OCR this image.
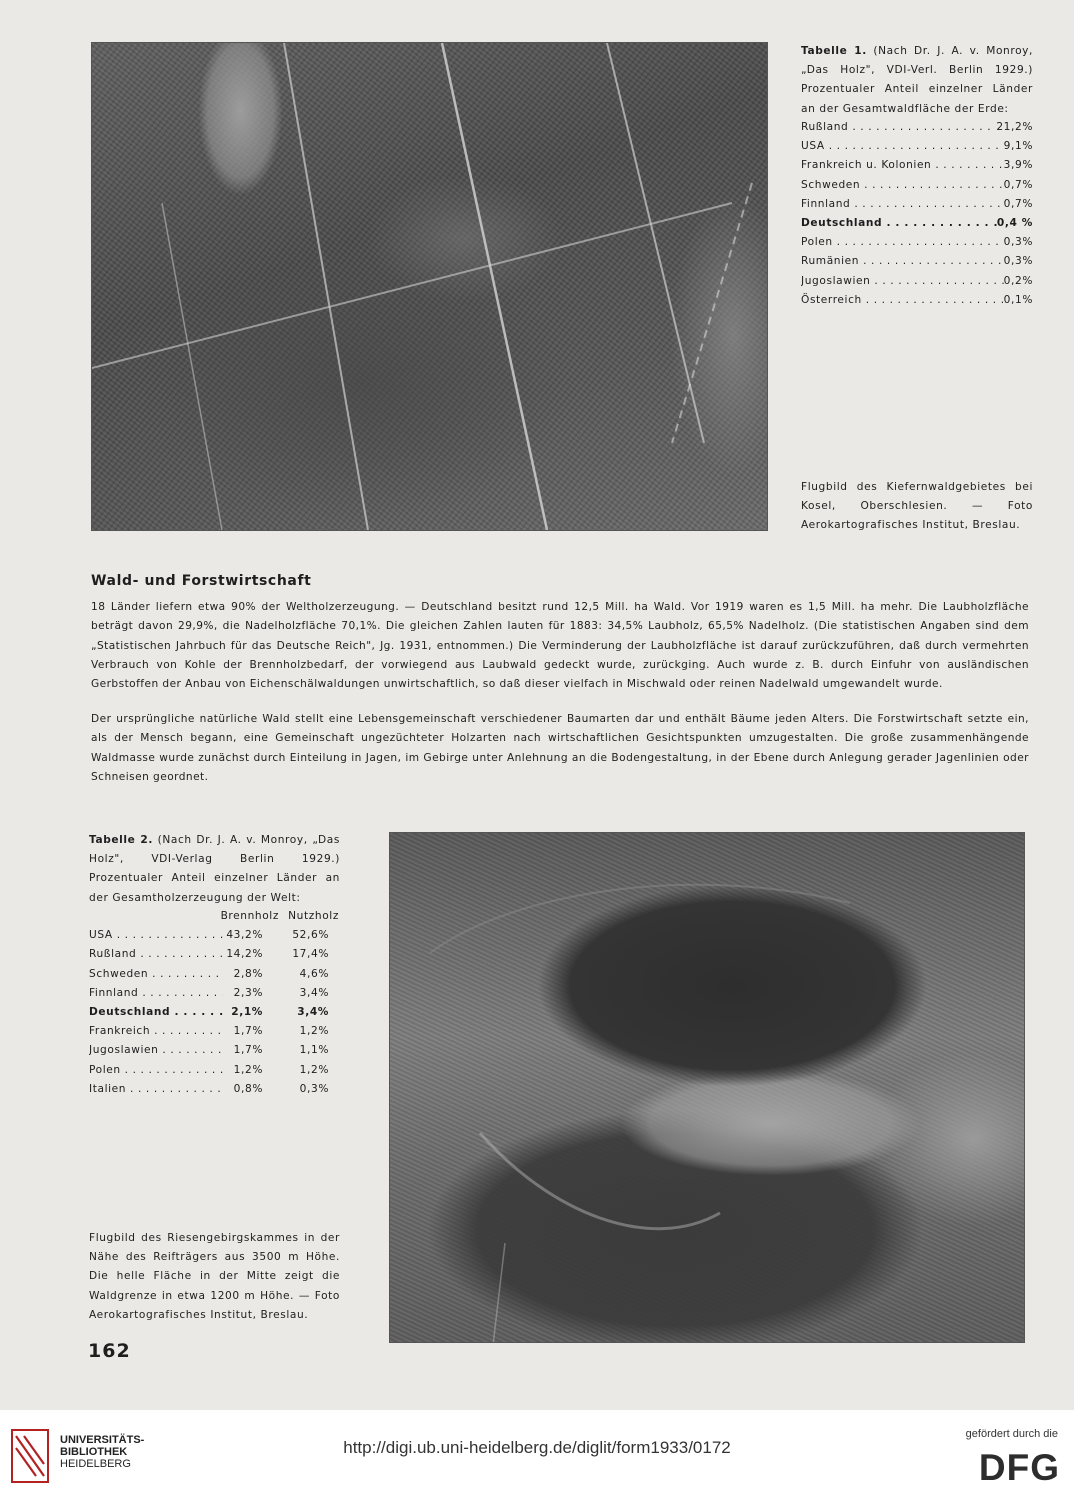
Tabelle 1. (Nach Dr. J. A. v. Monroy, „Das Holz", VDI-Verl. Berlin 1929.) Prozentualer Anteil einzelner Länder an der Gesamtwaldfläche der Erde:
Rußland . . .	21,2%
USA . . .	9,1%
Frankreich u. Kolonien . . .	3,9%
Schweden . . .	0,7%
Finnland . . .	0,7%
Deutschland . . .	0,4 %
Polen . . .	0,3%
Rumänien . . .	0,3%
Jugoslawien . . .	0,2%
Österreich . . .	0,1%
Flugbild des Kiefernwaldgebietes bei Kosel, Oberschlesien. — Foto Aerokartografisches Institut, Breslau.
Wald- und Forstwirtschaft

18 Länder liefern etwa 90% der Weltholzerzeugung. — Deutschland besitzt rund 12,5 Mill. ha Wald. Vor 1919 waren es 1,5 Mill. ha mehr. Die Laubholzfläche beträgt davon 29,9%, die Nadelholzfläche 70,1%. Die gleichen Zahlen lauten für 1883: 34,5% Laubholz, 65,5% Nadelholz. (Die statistischen Angaben sind dem „Statistischen Jahrbuch für das Deutsche Reich", Jg. 1931, entnommen.) Die Verminderung der Laubholzfläche ist darauf zurückzuführen, daß durch vermehrten Verbrauch von Kohle der Brennholzbedarf, der vorwiegend aus Laubwald gedeckt wurde, zurückging. Auch wurde z. B. durch Einfuhr von ausländischen Gerbstoffen der Anbau von Eichenschälwaldungen unwirtschaftlich, so daß dieser vielfach in Mischwald oder reinen Nadelwald umgewandelt wurde.

Der ursprüngliche natürliche Wald stellt eine Lebensgemeinschaft verschiedener Baumarten dar und enthält Bäume jeden Alters. Die Forstwirtschaft setzte ein, als der Mensch begann, eine Gemeinschaft ungezüchteter Holzarten nach wirtschaftlichen Gesichtspunkten umzugestalten. Die große zusammenhängende Waldmasse wurde zunächst durch Einteilung in Jagen, im Gebirge unter Anlehnung an die Bodengestaltung, in der Ebene durch Anlegung gerader Jagenlinien oder Schneisen geordnet.

Tabelle 2. (Nach Dr. J. A. v. Monroy, „Das Holz", VDI-Verlag Berlin 1929.) Prozentualer Anteil einzelner Länder an der Gesamtholzerzeugung der Welt:
Brennholz Nutzholz
USA . . .	43,2%	52,6%
Rußland . . .	14,2%	17,4%
Schweden . . .	2,8%	4,6%
Finnland . . .	2,3%	3,4%
Deutschland . . .	2,1%	3,4%
Frankreich . . .	1,7%	1,2%
Jugoslawien . . .	1,7%	1,1%
Polen . . .	1,2%	1,2%
Italien . . .	0,8%	0,3%
Flugbild des Riesengebirgskammes in der Nähe des Reifträgers aus 3500 m Höhe. Die helle Fläche in der Mitte zeigt die Waldgrenze in etwa 1200 m Höhe. — Foto Aerokartografisches Institut, Breslau.
162
UNIVERSITÄTS-
BIBLIOTHEK
HEIDELBERG
http://digi.ub.uni-heidelberg.de/diglit/form1933/0172
gefördert durch die
DFG
